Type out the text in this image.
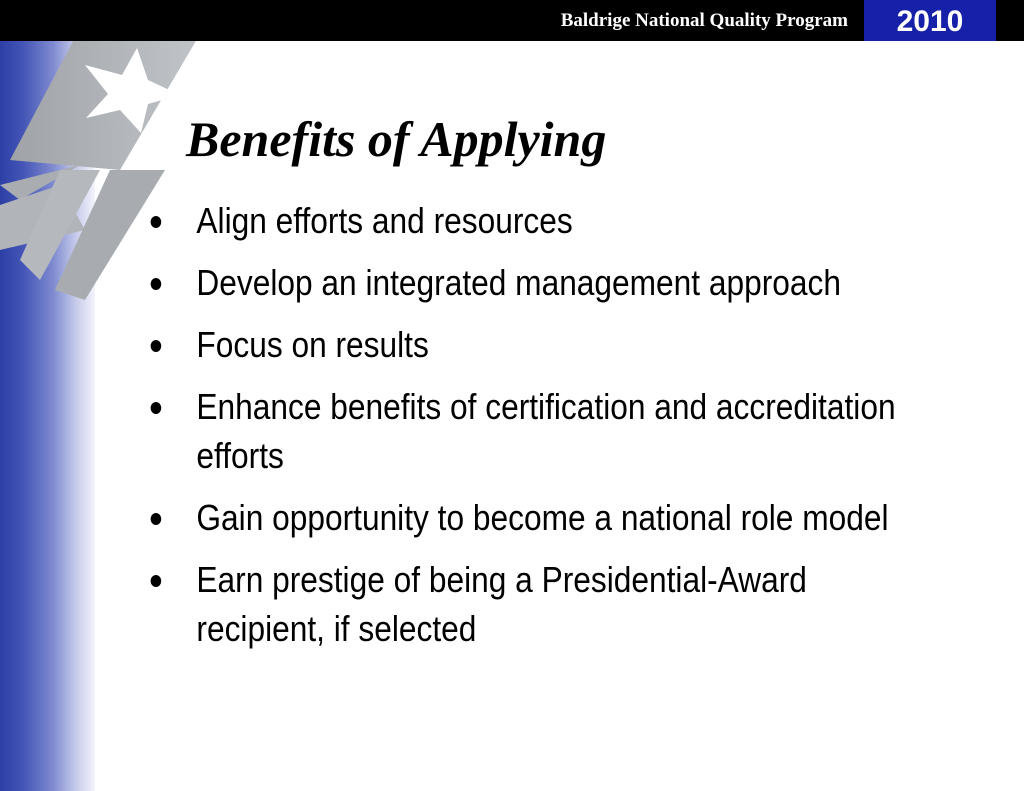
Baldrige National Quality Program	2010
Benefits of Applying
Align efforts and resources
Develop an integrated management approach
Focus on results
Enhance benefits of certification and accreditation efforts
Gain opportunity to become a national role model
Earn prestige of being a Presidential-Award recipient, if selected
